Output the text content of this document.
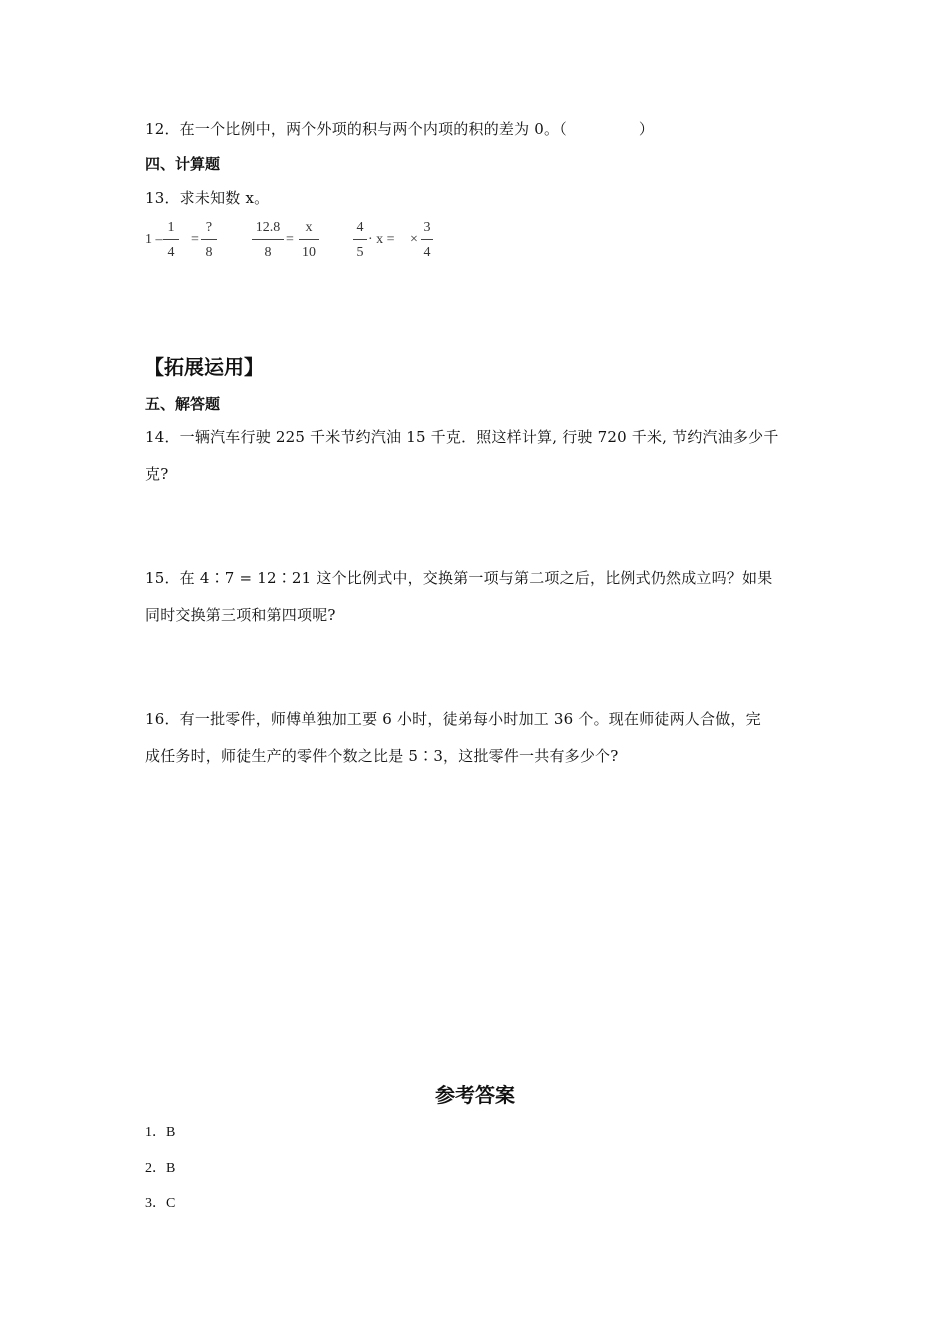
12．在一个比例中，两个外项的积与两个内项的积的差为 0。（	）
四、计算题
13．求未知数 x。
1 –
1
4
=
?
8
12.8
8
=
x
10
4
5
· x = ×
3
4
【拓展运用】
五、解答题
14．一辆汽车行驶 225 千米节约汽油 15 千克．照这样计算, 行驶 720 千米, 节约汽油多少千
克?
15．在 4∶7 = 12∶21 这个比例式中，交换第一项与第二项之后，比例式仍然成立吗？如果
同时交换第三项和第四项呢?
16．有一批零件，师傅单独加工要 6 小时，徒弟每小时加工 36 个。现在师徒两人合做，完
成任务时，师徒生产的零件个数之比是 5∶3，这批零件一共有多少个?
参考答案
1．B
2．B
3．C
